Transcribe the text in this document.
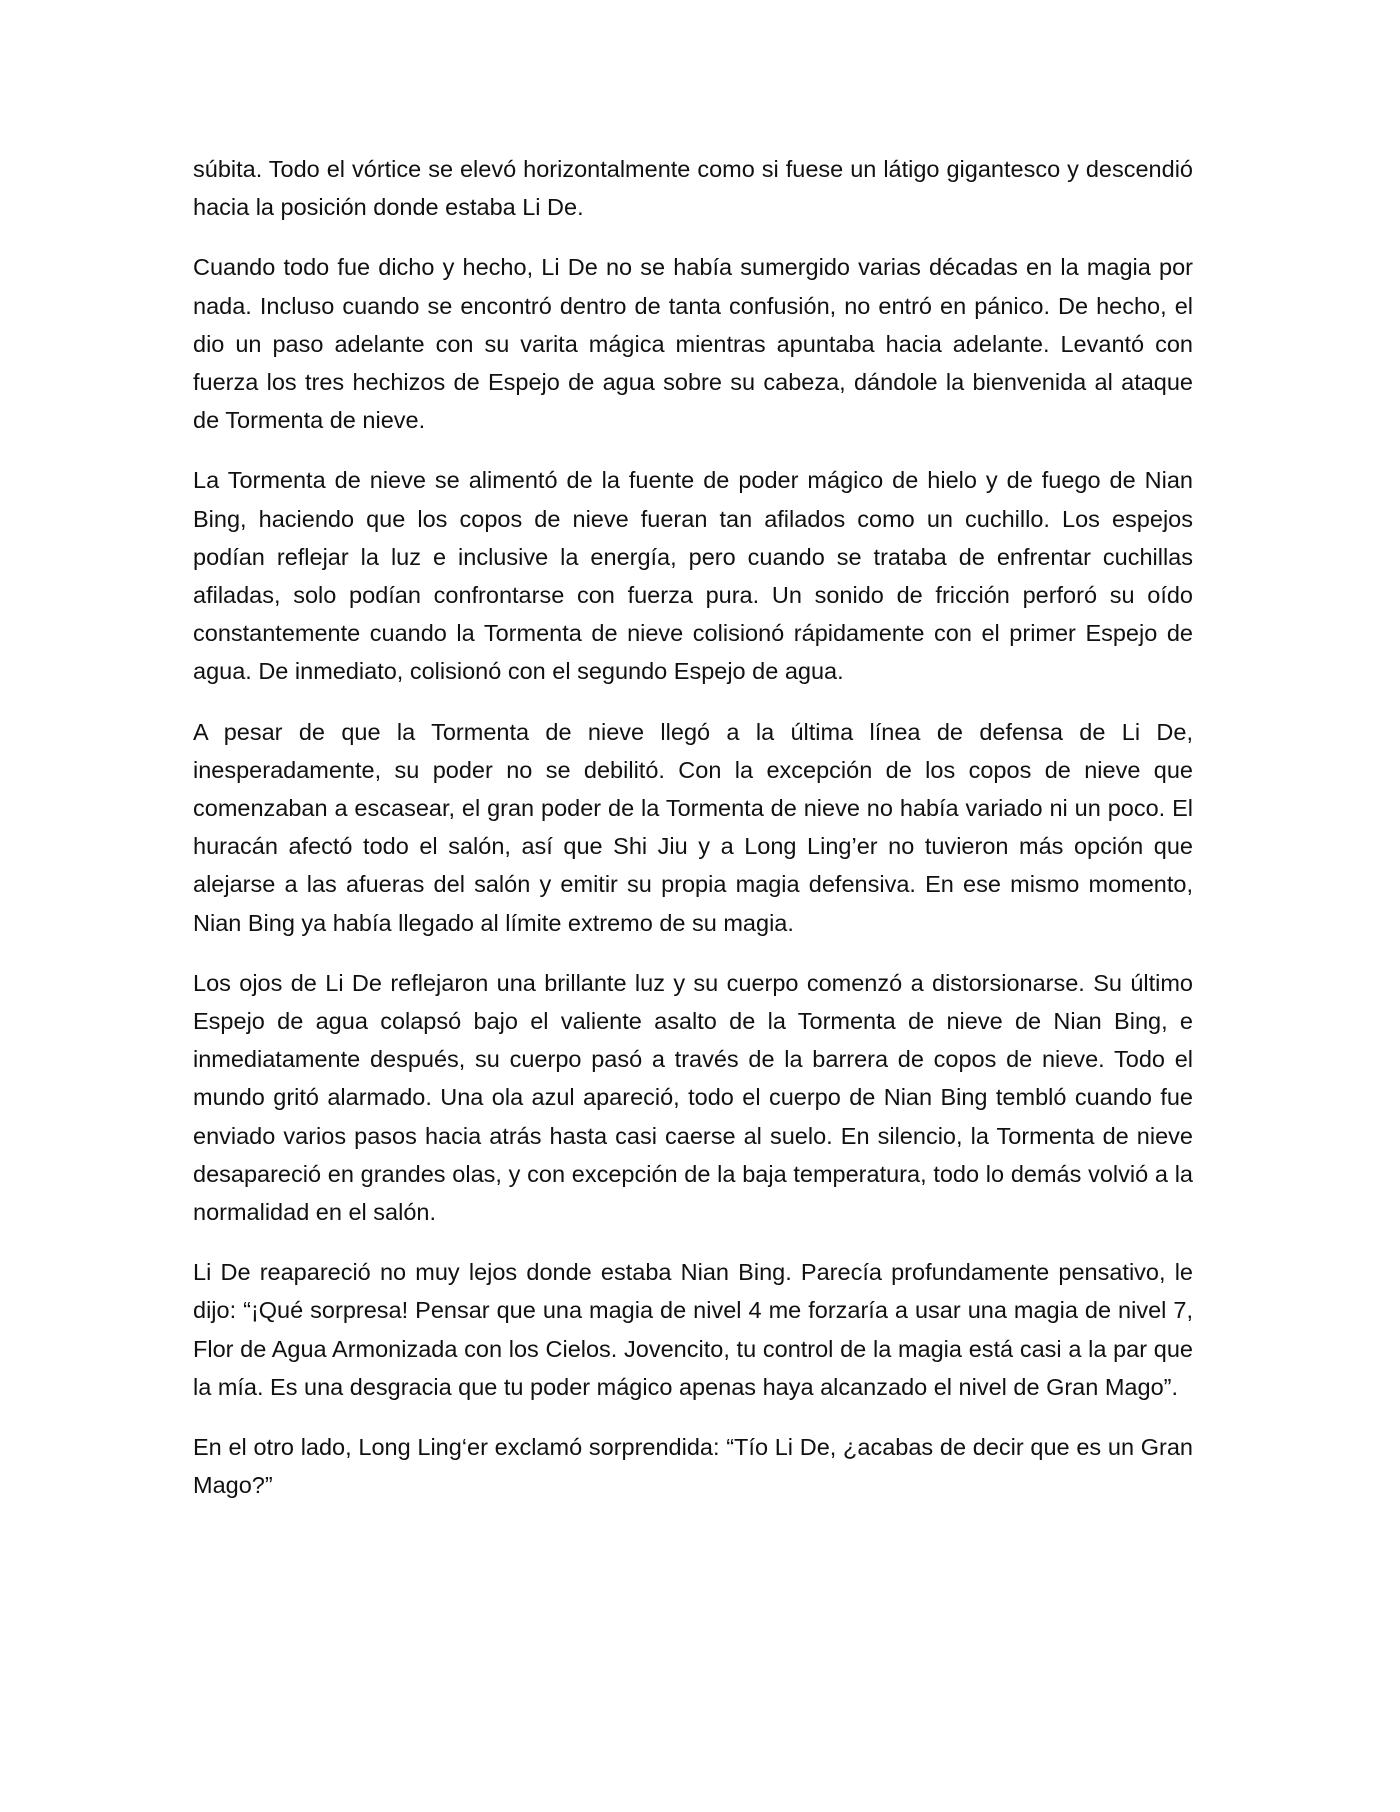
súbita. Todo el vórtice se elevó horizontalmente como si fuese un látigo gigantesco y descendió hacia la posición donde estaba Li De.

Cuando todo fue dicho y hecho, Li De no se había sumergido varias décadas en la magia por nada. Incluso cuando se encontró dentro de tanta confusión, no entró en pánico. De hecho, el dio un paso adelante con su varita mágica mientras apuntaba hacia adelante. Levantó con fuerza los tres hechizos de Espejo de agua sobre su cabeza, dándole la bienvenida al ataque de Tormenta de nieve.

La Tormenta de nieve se alimentó de la fuente de poder mágico de hielo y de fuego de Nian Bing, haciendo que los copos de nieve fueran tan afilados como un cuchillo. Los espejos podían reflejar la luz e inclusive la energía, pero cuando se trataba de enfrentar cuchillas afiladas, solo podían confrontarse con fuerza pura. Un sonido de fricción perforó su oído constantemente cuando la Tormenta de nieve colisionó rápidamente con el primer Espejo de agua. De inmediato, colisionó con el segundo Espejo de agua.

A pesar de que la Tormenta de nieve llegó a la última línea de defensa de Li De, inesperadamente, su poder no se debilitó. Con la excepción de los copos de nieve que comenzaban a escasear, el gran poder de la Tormenta de nieve no había variado ni un poco. El huracán afectó todo el salón, así que Shi Jiu y a Long Ling’er no tuvieron más opción que alejarse a las afueras del salón y emitir su propia magia defensiva. En ese mismo momento, Nian Bing ya había llegado al límite extremo de su magia.

Los ojos de Li De reflejaron una brillante luz y su cuerpo comenzó a distorsionarse. Su último Espejo de agua colapsó bajo el valiente asalto de la Tormenta de nieve de Nian Bing, e inmediatamente después, su cuerpo pasó a través de la barrera de copos de nieve. Todo el mundo gritó alarmado. Una ola azul apareció, todo el cuerpo de Nian Bing tembló cuando fue enviado varios pasos hacia atrás hasta casi caerse al suelo. En silencio, la Tormenta de nieve desapareció en grandes olas, y con excepción de la baja temperatura, todo lo demás volvió a la normalidad en el salón.

Li De reapareció no muy lejos donde estaba Nian Bing. Parecía profundamente pensativo, le dijo: “¡Qué sorpresa! Pensar que una magia de nivel 4 me forzaría a usar una magia de nivel 7, Flor de Agua Armonizada con los Cielos. Jovencito, tu control de la magia está casi a la par que la mía. Es una desgracia que tu poder mágico apenas haya alcanzado el nivel de Gran Mago”.

En el otro lado, Long Ling‘er exclamó sorprendida: “Tío Li De, ¿acabas de decir que es un Gran Mago?”
